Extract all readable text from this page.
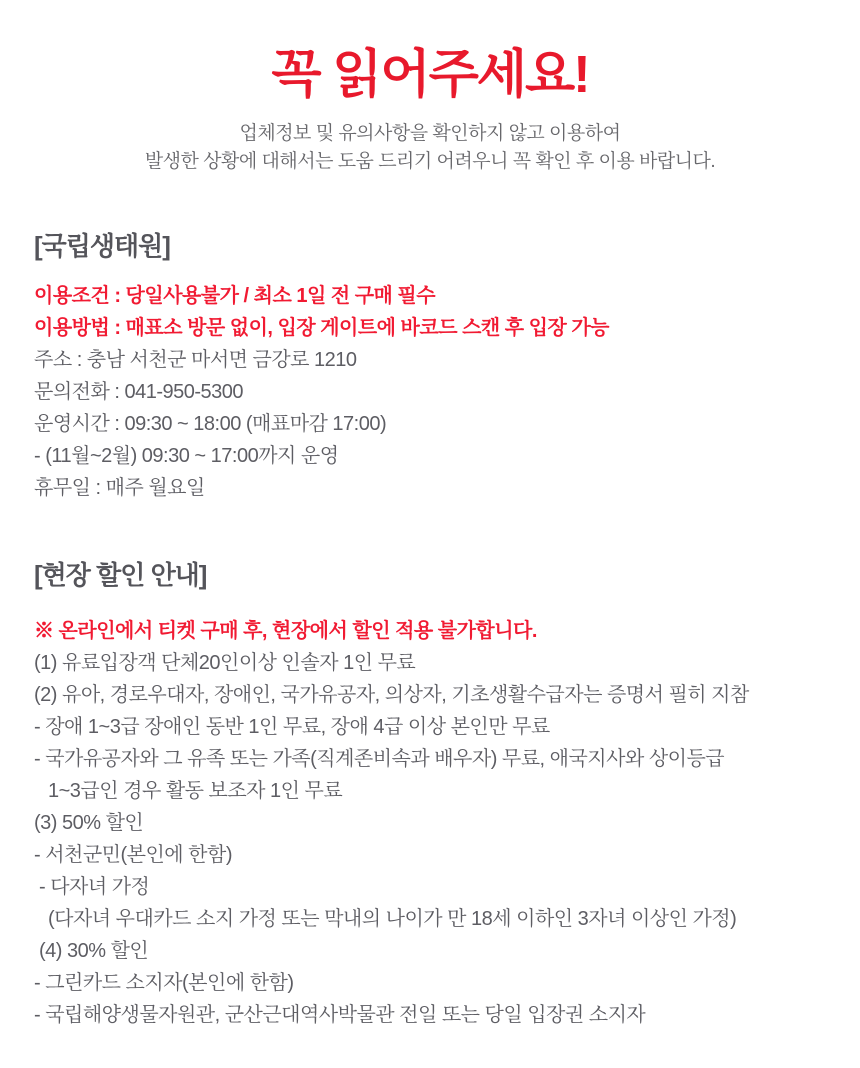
꼭 읽어주세요!
업체정보 및 유의사항을 확인하지 않고 이용하여
발생한 상황에 대해서는 도움 드리기 어려우니 꼭 확인 후 이용 바랍니다.
[국립생태원]
이용조건 : 당일사용불가 / 최소 1일 전 구매 필수
이용방법 : 매표소 방문 없이, 입장 게이트에 바코드 스캔 후 입장 가능
주소 : 충남 서천군 마서면 금강로 1210
문의전화 : 041-950-5300
운영시간 : 09:30 ~ 18:00 (매표마감 17:00)
- (11월~2월) 09:30 ~ 17:00까지 운영
휴무일 : 매주 월요일
[현장 할인 안내]
※ 온라인에서 티켓 구매 후, 현장에서 할인 적용 불가합니다.
(1) 유료입장객 단체20인이상 인솔자 1인 무료
(2) 유아, 경로우대자, 장애인, 국가유공자, 의상자, 기초생활수급자는 증명서 필히 지참
- 장애 1~3급 장애인 동반 1인 무료, 장애 4급 이상 본인만 무료
- 국가유공자와 그 유족 또는 가족(직계존비속과 배우자) 무료, 애국지사와 상이등급
1~3급인 경우 활동 보조자 1인 무료
(3) 50% 할인
- 서천군민(본인에 한함)
- 다자녀 가정
(다자녀 우대카드 소지 가정 또는 막내의 나이가 만 18세 이하인 3자녀 이상인 가정)
(4) 30% 할인
- 그린카드 소지자(본인에 한함)
- 국립해양생물자원관, 군산근대역사박물관 전일 또는 당일 입장권 소지자
